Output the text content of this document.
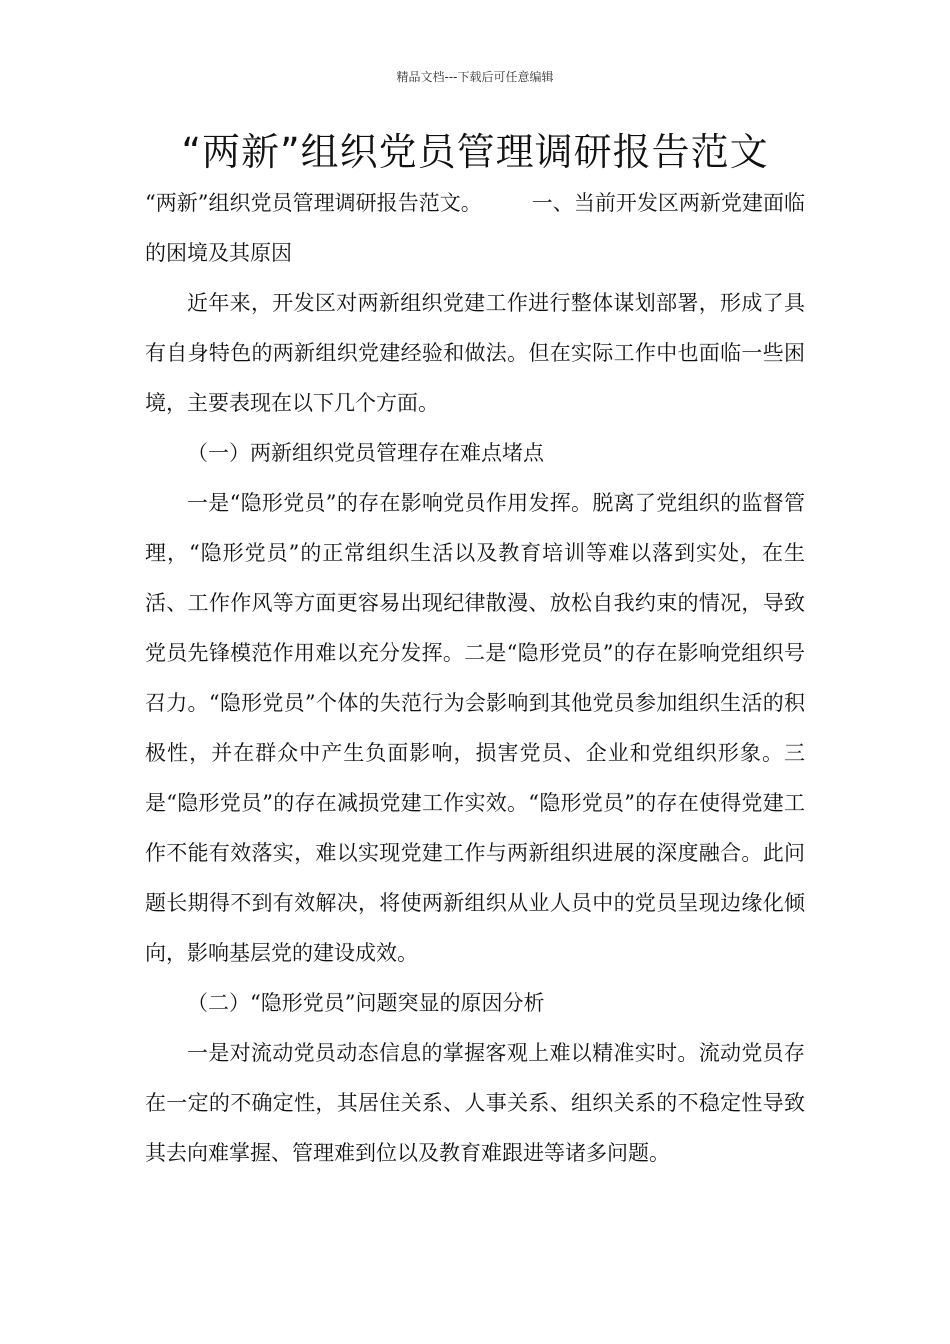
精品文档---下载后可任意编辑
“两新”组织党员管理调研报告范文

“两新”组织党员管理调研报告范文。 一、当前开发区两新党建面临的困境及其原因

近年来，开发区对两新组织党建工作进行整体谋划部署，形成了具有自身特色的两新组织党建经验和做法。但在实际工作中也面临一些困境，主要表现在以下几个方面。

（一）两新组织党员管理存在难点堵点

一是“隐形党员”的存在影响党员作用发挥。脱离了党组织的监督管理，“隐形党员”的正常组织生活以及教育培训等难以落到实处，在生活、工作作风等方面更容易出现纪律散漫、放松自我约束的情况，导致党员先锋模范作用难以充分发挥。二是“隐形党员”的存在影响党组织号召力。“隐形党员”个体的失范行为会影响到其他党员参加组织生活的积极性，并在群众中产生负面影响，损害党员、企业和党组织形象。三是“隐形党员”的存在减损党建工作实效。“隐形党员”的存在使得党建工作不能有效落实，难以实现党建工作与两新组织进展的深度融合。此问题长期得不到有效解决，将使两新组织从业人员中的党员呈现边缘化倾向，影响基层党的建设成效。

（二）“隐形党员”问题突显的原因分析

一是对流动党员动态信息的掌握客观上难以精准实时。流动党员存在一定的不确定性，其居住关系、人事关系、组织关系的不稳定性导致其去向难掌握、管理难到位以及教育难跟进等诸多问题。
